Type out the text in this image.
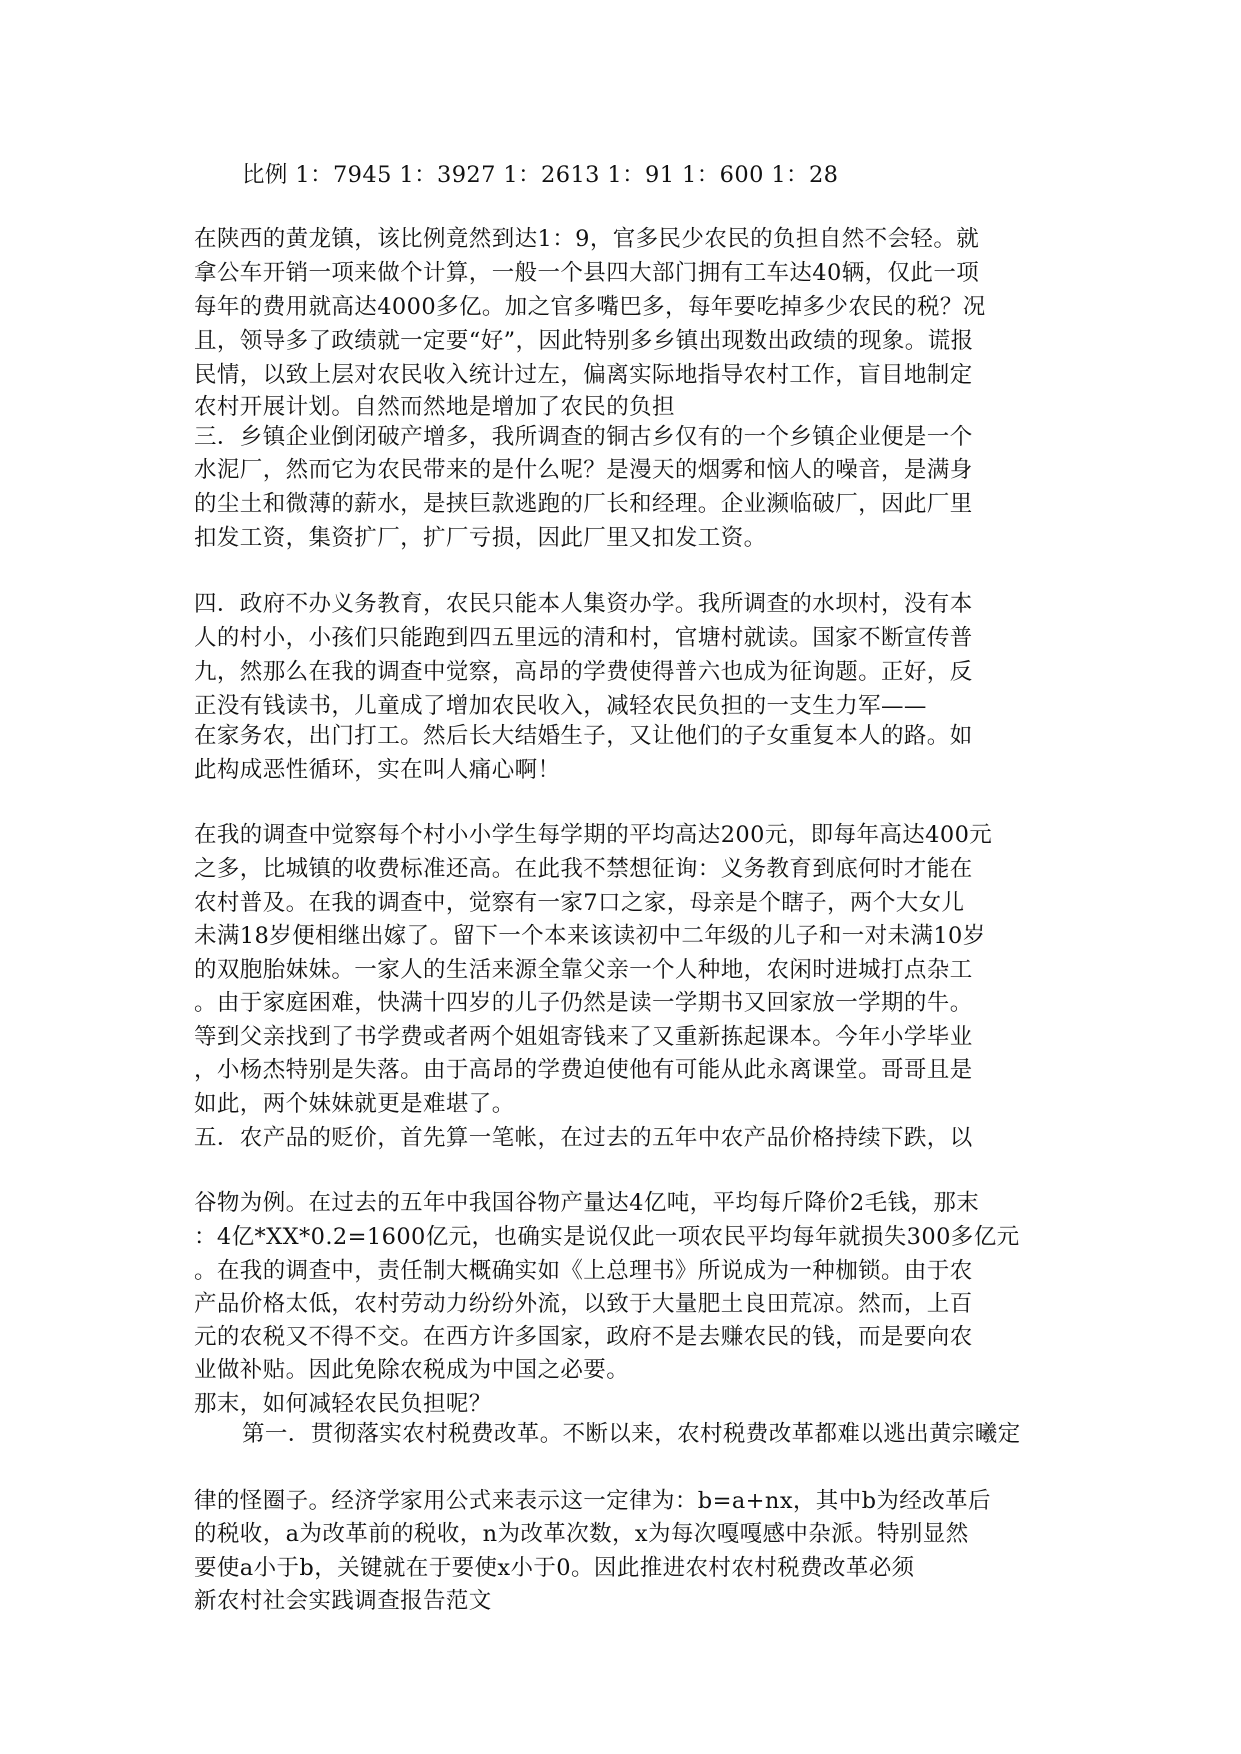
比例 1：7945 1：3927 1：2613 1：91 1：600 1：28
在陕西的黄龙镇，该比例竟然到达1：9，官多民少农民的负担自然不会轻。就
拿公车开销一项来做个计算，一般一个县四大部门拥有工车达40辆，仅此一项
每年的费用就高达4000多亿。加之官多嘴巴多，每年要吃掉多少农民的税？况
且，领导多了政绩就一定要“好”，因此特别多乡镇出现数出政绩的现象。谎报
民情，以致上层对农民收入统计过左，偏离实际地指导农村工作，盲目地制定
农村开展计划。自然而然地是增加了农民的负担
三．乡镇企业倒闭破产增多，我所调查的铜古乡仅有的一个乡镇企业便是一个
水泥厂，然而它为农民带来的是什么呢？是漫天的烟雾和恼人的噪音，是满身
的尘土和微薄的薪水，是挟巨款逃跑的厂长和经理。企业濒临破厂，因此厂里
扣发工资，集资扩厂，扩厂亏损，因此厂里又扣发工资。
四．政府不办义务教育，农民只能本人集资办学。我所调查的水坝村，没有本
人的村小，小孩们只能跑到四五里远的清和村，官塘村就读。国家不断宣传普
九，然那么在我的调查中觉察，高昂的学费使得普六也成为征询题。正好，反
正没有钱读书，儿童成了增加农民收入，减轻农民负担的一支生力军——
在家务农，出门打工。然后长大结婚生子，又让他们的子女重复本人的路。如
此构成恶性循环，实在叫人痛心啊！
在我的调查中觉察每个村小小学生每学期的平均高达200元，即每年高达400元
之多，比城镇的收费标准还高。在此我不禁想征询：义务教育到底何时才能在
农村普及。在我的调查中，觉察有一家7口之家，母亲是个瞎子，两个大女儿
未满18岁便相继出嫁了。留下一个本来该读初中二年级的儿子和一对未满10岁
的双胞胎妹妹。一家人的生活来源全靠父亲一个人种地，农闲时进城打点杂工
。由于家庭困难，快满十四岁的儿子仍然是读一学期书又回家放一学期的牛。
等到父亲找到了书学费或者两个姐姐寄钱来了又重新拣起课本。今年小学毕业
，小杨杰特别是失落。由于高昂的学费迫使他有可能从此永离课堂。哥哥且是
如此，两个妹妹就更是难堪了。
五．农产品的贬价，首先算一笔帐，在过去的五年中农产品价格持续下跌，以
谷物为例。在过去的五年中我国谷物产量达4亿吨，平均每斤降价2毛钱，那末
：4亿*XX*0.2=1600亿元，也确实是说仅此一项农民平均每年就损失300多亿元
。在我的调查中，责任制大概确实如《上总理书》所说成为一种枷锁。由于农
产品价格太低，农村劳动力纷纷外流，以致于大量肥土良田荒凉。然而，上百
元的农税又不得不交。在西方许多国家，政府不是去赚农民的钱，而是要向农
业做补贴。因此免除农税成为中国之必要。
那末，如何减轻农民负担呢？
第一．贯彻落实农村税费改革。不断以来，农村税费改革都难以逃出黄宗曦定
律的怪圈子。经济学家用公式来表示这一定律为：b=a+nx，其中b为经改革后
的税收，a为改革前的税收，n为改革次数，x为每次嘎嘎感中杂派。特别显然
要使a小于b，关键就在于要使x小于0。因此推进农村农村税费改革必须
新农村社会实践调查报告范文
